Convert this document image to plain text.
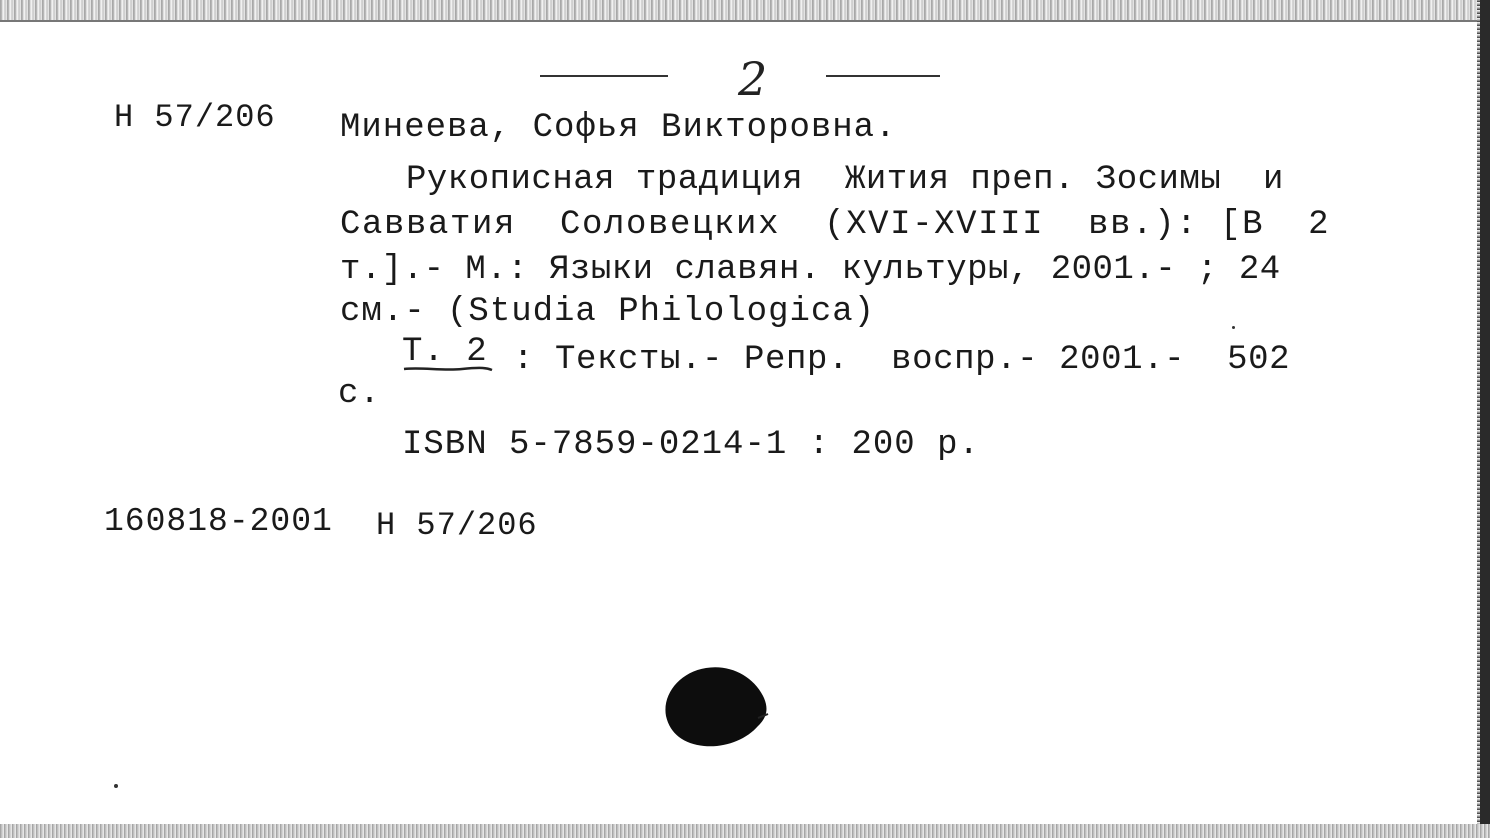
2
Н 57/206 Минеева, Софья Викторовна.
Рукописная традиция  Жития преп. Зосимы  и
Савватия  Соловецких  (XVI-XVIII  вв.): [В  2
т.].- М.: Языки славян. культуры, 2001.- ; 24
см.- (Studia Philologica)
Т. 2 : Тексты.- Репр.  воспр.- 2001.-  502
с.
ISBN 5-7859-0214-1 : 200 р.
160818-2001 Н 57/206
